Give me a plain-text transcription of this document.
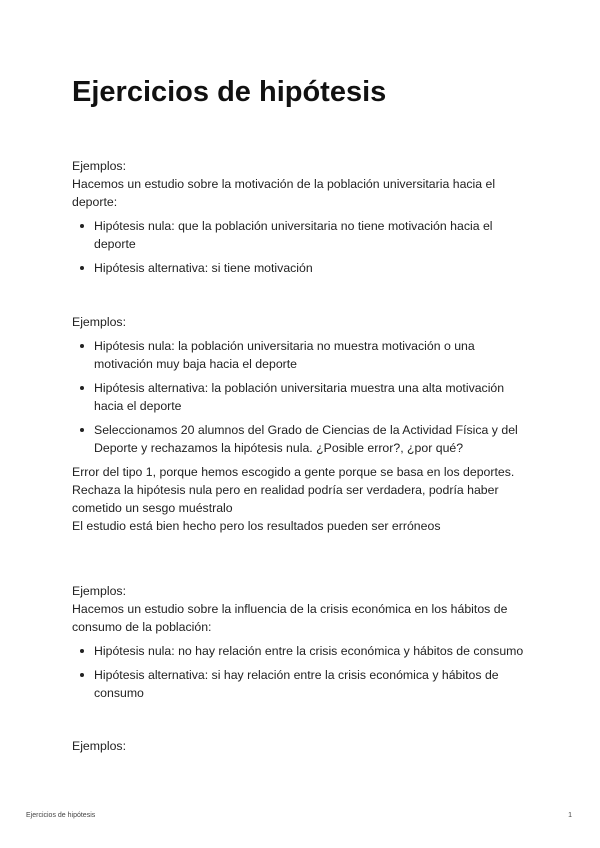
Ejercicios de hipótesis

Ejemplos:

Hacemos un estudio sobre la motivación de la población universitaria hacia el deporte:

Hipótesis nula: que la población universitaria no tiene motivación hacia el deporte
Hipótesis alternativa: si tiene motivación

Ejemplos:

Hipótesis nula: la población universitaria no muestra motivación o una motivación muy baja hacia el deporte
Hipótesis alternativa: la población universitaria muestra una alta motivación hacia el deporte
Seleccionamos 20 alumnos del Grado de Ciencias de la Actividad Física y del Deporte y rechazamos la hipótesis nula. ¿Posible error?, ¿por qué?

Error del tipo 1, porque hemos escogido a gente porque se basa en los deportes.

Rechaza la hipótesis nula pero en realidad podría ser verdadera, podría haber cometido un sesgo muéstralo

El estudio está bien hecho pero los resultados pueden ser erróneos

Ejemplos:

Hacemos un estudio sobre la influencia de la crisis económica en los hábitos de consumo de la población:

Hipótesis nula: no hay relación entre la crisis económica y hábitos de consumo
Hipótesis alternativa: si hay relación entre la crisis económica y hábitos de consumo

Ejemplos:

Ejercicios de hipótesis	1
